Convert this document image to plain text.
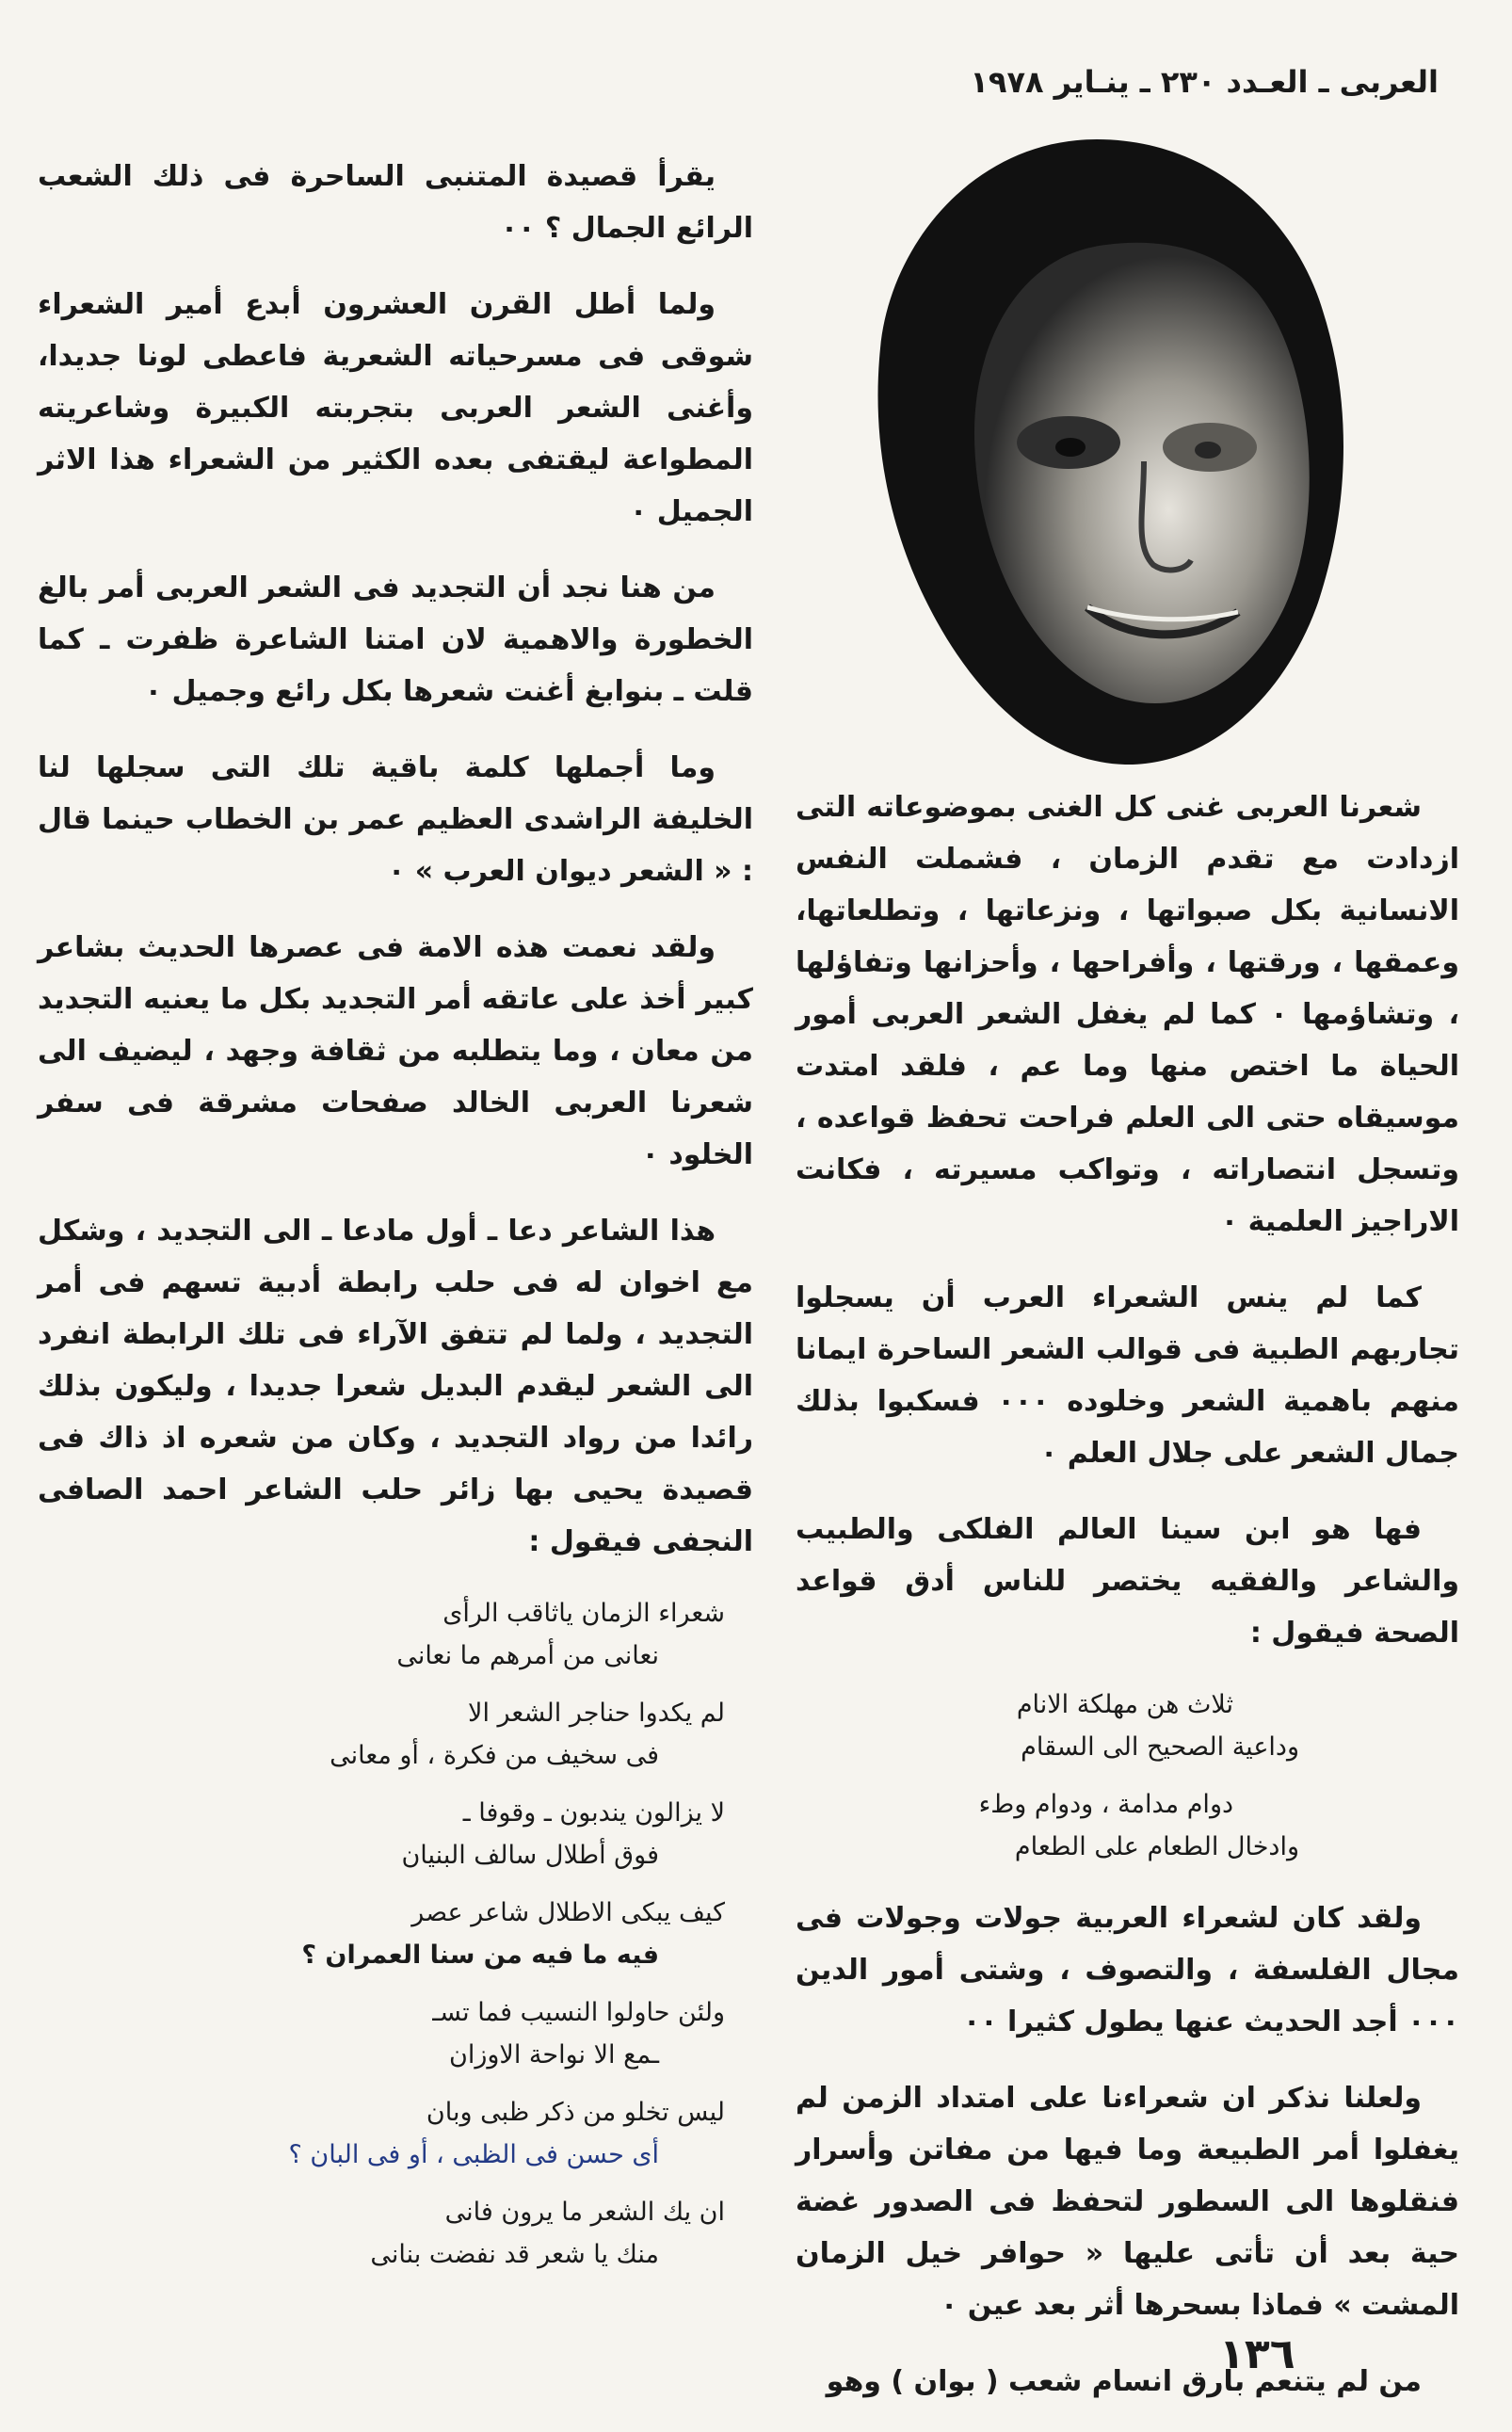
العربى ـ العـدد ٢٣٠ ـ ينـاير ١٩٧٨

يقرأ قصيدة المتنبى الساحرة فى ذلك الشعب الرائع الجمال ؟ ٠٠

ولما أطل القرن العشرون أبدع أمير الشعراء شوقى فى مسرحياته الشعرية فاعطى لونا جديدا، وأغنى الشعر العربى بتجربته الكبيرة وشاعريته المطواعة ليقتفى بعده الكثير من الشعراء هذا الاثر الجميل ٠

من هنا نجد أن التجديد فى الشعر العربى أمر بالغ الخطورة والاهمية لان امتنا الشاعرة ظفرت ـ كما قلت ـ بنوابغ أغنت شعرها بكل رائع وجميل ٠

وما أجملها كلمة باقية تلك التى سجلها لنا الخليفة الراشدى العظيم عمر بن الخطاب حينما قال : « الشعر ديوان العرب » ٠

ولقد نعمت هذه الامة فى عصرها الحديث بشاعر كبير أخذ على عاتقه أمر التجديد بكل ما يعنيه التجديد من معان ، وما يتطلبه من ثقافة وجهد ، ليضيف الى شعرنا العربى الخالد صفحات مشرقة فى سفر الخلود ٠

هذا الشاعر دعا ـ أول مادعا ـ الى التجديد ، وشكل مع اخوان له فى حلب رابطة أدبية تسهم فى أمر التجديد ، ولما لم تتفق الآراء فى تلك الرابطة انفرد الى الشعر ليقدم البديل شعرا جديدا ، وليكون بذلك رائدا من رواد التجديد ، وكان من شعره اذ ذاك فى قصيدة يحيى بها زائر حلب الشاعر احمد الصافى النجفى فيقول :

شعراء الزمان ياثاقب الرأى

نعانى من أمرهم ما نعانى

لم يكدوا حناجر الشعر الا

فى سخيف من فكرة ، أو معانى

لا يزالون يندبون ـ وقوفا ـ

فوق أطلال سالف البنيان

كيف يبكى الاطلال شاعر عصر

فيه ما فيه من سنا العمران ؟

ولئن حاولوا النسيب فما تسـ

ـمع الا نواحة الاوزان

ليس تخلو من ذكر ظبى وبان

أى حسن فى الظبى ، أو فى البان ؟

ان يك الشعر ما يرون فانى

منك يا شعر قد نفضت بنانى

شعرنا العربى غنى كل الغنى بموضوعاته التى ازدادت مع تقدم الزمان ، فشملت النفس الانسانية بكل صبواتها ، ونزعاتها ، وتطلعاتها، وعمقها ، ورقتها ، وأفراحها ، وأحزانها وتفاؤلها ، وتشاؤمها ٠ كما لم يغفل الشعر العربى أمور الحياة ما اختص منها وما عم ، فلقد امتدت موسيقاه حتى الى العلم فراحت تحفظ قواعده ، وتسجل انتصاراته ، وتواكب مسيرته ، فكانت الاراجيز العلمية ٠

كما لم ينس الشعراء العرب أن يسجلوا تجاربهم الطبية فى قوالب الشعر الساحرة ايمانا منهم باهمية الشعر وخلوده ٠٠٠ فسكبوا بذلك جمال الشعر على جلال العلم ٠

فها هو ابن سينا العالم الفلكى والطبيب والشاعر والفقيه يختصر للناس أدق قواعد الصحة فيقول :

ثلاث هن مهلكة الانام

وداعية الصحيح الى السقام

دوام مدامة ، ودوام وطء

وادخال الطعام على الطعام

ولقد كان لشعراء العربية جولات وجولات فى مجال الفلسفة ، والتصوف ، وشتى أمور الدين ٠٠٠ أجد الحديث عنها يطول كثيرا ٠٠

ولعلنا نذكر ان شعراءنا على امتداد الزمن لم يغفلوا أمر الطبيعة وما فيها من مفاتن وأسرار فنقلوها الى السطور لتحفظ فى الصدور غضة حية بعد أن تأتى عليها « حوافر خيل الزمان المشت » فماذا بسحرها أثر بعد عين ٠

من لم يتنعم بارق انسام شعب ( بوان ) وهو

١٣٦
